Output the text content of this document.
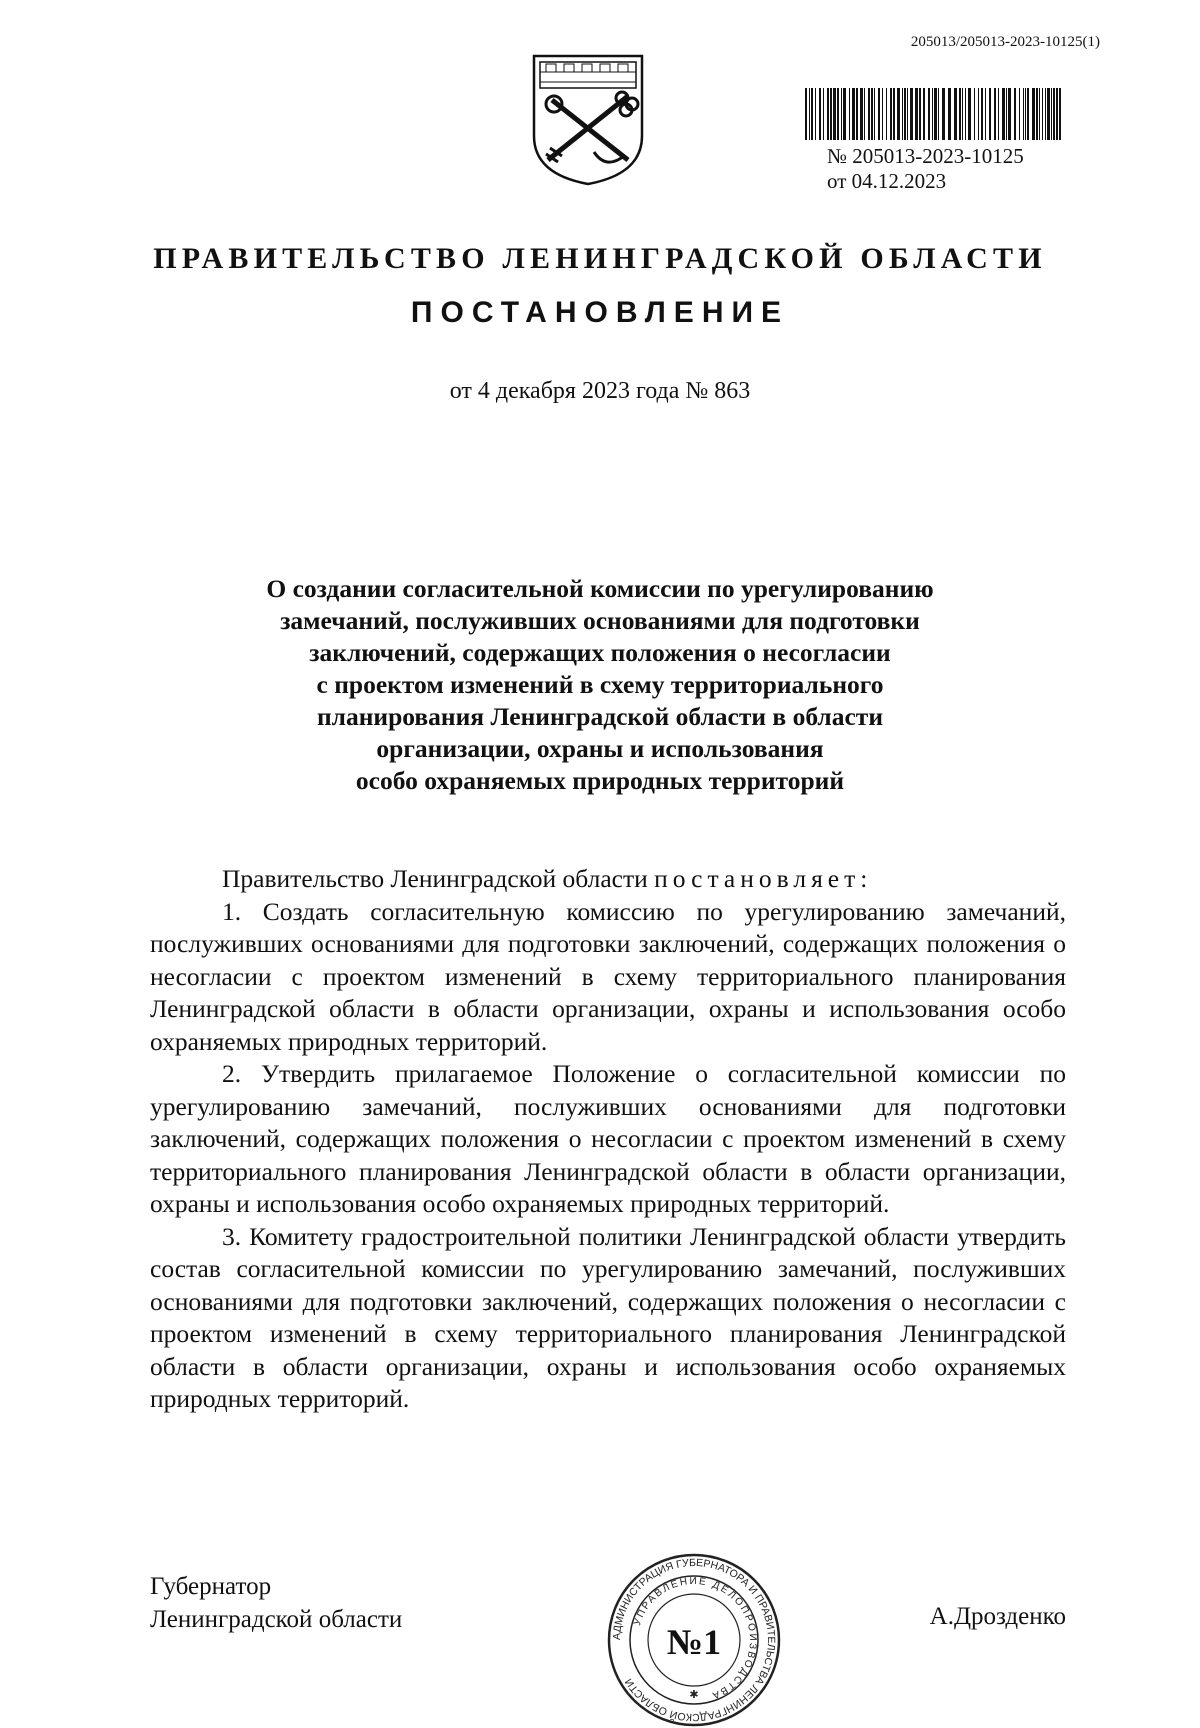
205013/205013-2023-10125(1)
№ 205013-2023-10125
от 04.12.2023
ПРАВИТЕЛЬСТВО ЛЕНИНГРАДСКОЙ ОБЛАСТИ
ПОСТАНОВЛЕНИЕ
от 4 декабря 2023 года № 863
О создании согласительной комиссии по урегулированию
замечаний, послуживших основаниями для подготовки
заключений, содержащих положения о несогласии
с проектом изменений в схему территориального
планирования Ленинградской области в области
организации, охраны и использования
особо охраняемых природных территорий

Правительство Ленинградской области постановляет:

1. Создать согласительную комиссию по урегулированию замечаний, послуживших основаниями для подготовки заключений, содержащих положения о несогласии с проектом изменений в схему территориального планирования Ленинградской области в области организации, охраны и использования особо охраняемых природных территорий.

2. Утвердить прилагаемое Положение о согласительной комиссии по урегулированию замечаний, послуживших основаниями для подготовки заключений, содержащих положения о несогласии с проектом изменений в схему территориального планирования Ленинградской области в области организации, охраны и использования особо охраняемых природных территорий.

3. Комитету градостроительной политики Ленинградской области утвердить состав согласительной комиссии по урегулированию замечаний, послуживших основаниями для подготовки заключений, содержащих положения о несогласии с проектом изменений в схему территориального планирования Ленинградской области в области организации, охраны и использования особо охраняемых природных территорий.

Губернатор
Ленинградской области
АДМИНИСТРАЦИЯ ГУБЕРНАТОРА И ПРАВИТЕЛЬСТВА ЛЕНИНГРАДСКОЙ ОБЛАСТИ
УПРАВЛЕНИЕ ДЕЛОПРОИЗВОДСТВА
№1
✱
А.Дрозденко
